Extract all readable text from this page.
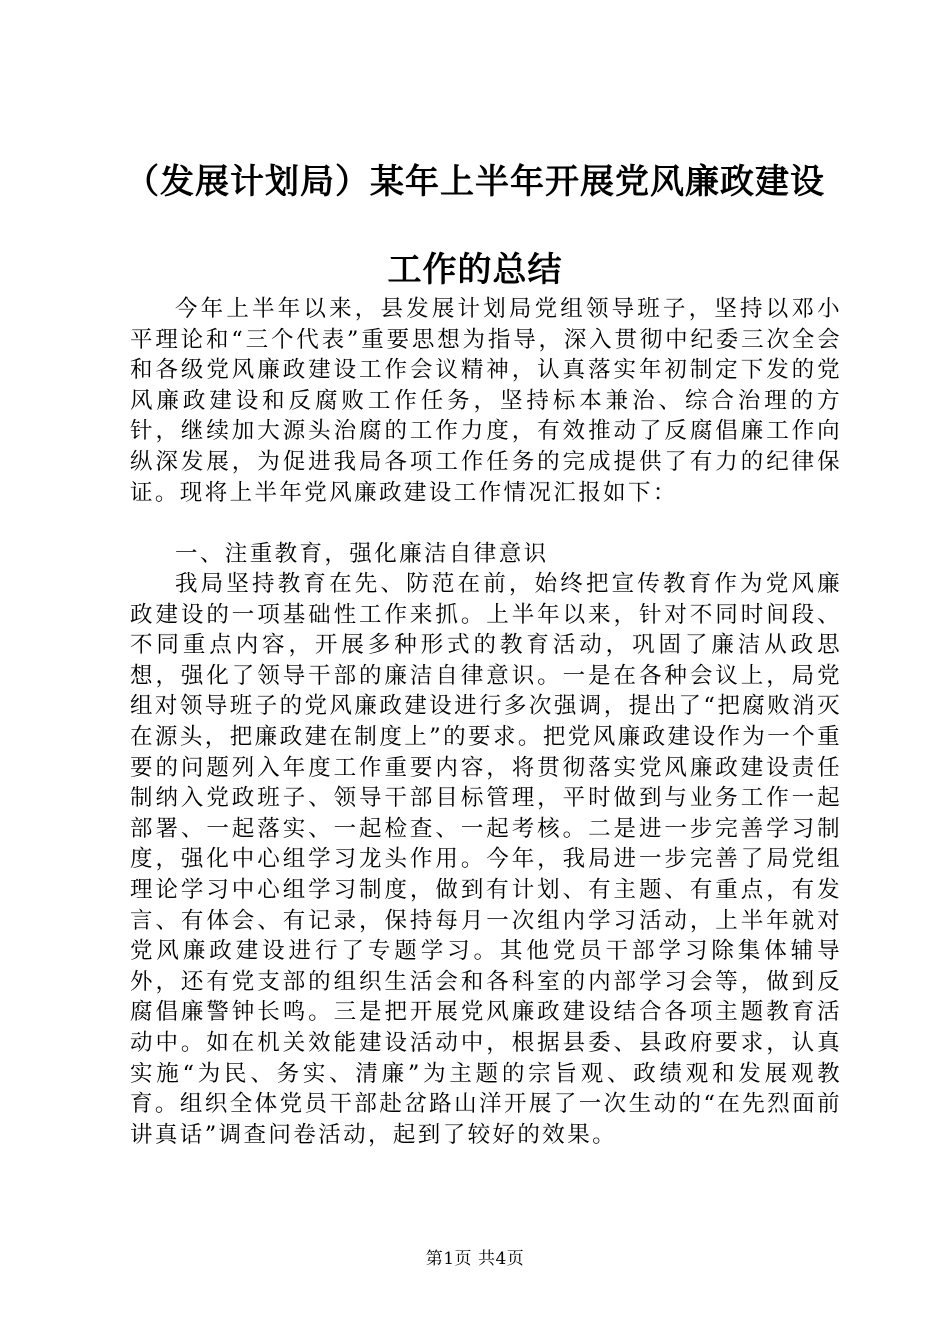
（发展计划局）某年上半年开展党风廉政建设
工作的总结

今年上半年以来，县发展计划局党组领导班子，坚持以邓小平理论和“三个代表”重要思想为指导，深入贯彻中纪委三次全会和各级党风廉政建设工作会议精神，认真落实年初制定下发的党风廉政建设和反腐败工作任务，坚持标本兼治、综合治理的方针，继续加大源头治腐的工作力度，有效推动了反腐倡廉工作向纵深发展，为促进我局各项工作任务的完成提供了有力的纪律保证。现将上半年党风廉政建设工作情况汇报如下：

一、注重教育，强化廉洁自律意识

我局坚持教育在先、防范在前，始终把宣传教育作为党风廉政建设的一项基础性工作来抓。上半年以来，针对不同时间段、不同重点内容，开展多种形式的教育活动，巩固了廉洁从政思想，强化了领导干部的廉洁自律意识。一是在各种会议上，局党组对领导班子的党风廉政建设进行多次强调，提出了“把腐败消灭在源头，把廉政建在制度上”的要求。把党风廉政建设作为一个重要的问题列入年度工作重要内容，将贯彻落实党风廉政建设责任制纳入党政班子、领导干部目标管理，平时做到与业务工作一起部署、一起落实、一起检查、一起考核。二是进一步完善学习制度，强化中心组学习龙头作用。今年，我局进一步完善了局党组理论学习中心组学习制度，做到有计划、有主题、有重点，有发言、有体会、有记录，保持每月一次组内学习活动，上半年就对党风廉政建设进行了专题学习。其他党员干部学习除集体辅导外，还有党支部的组织生活会和各科室的内部学习会等，做到反腐倡廉警钟长鸣。三是把开展党风廉政建设结合各项主题教育活动中。如在机关效能建设活动中，根据县委、县政府要求，认真实施“为民、务实、清廉”为主题的宗旨观、政绩观和发展观教育。组织全体党员干部赴岔路山洋开展了一次生动的“在先烈面前讲真话”调查问卷活动，起到了较好的效果。

第1页 共4页
